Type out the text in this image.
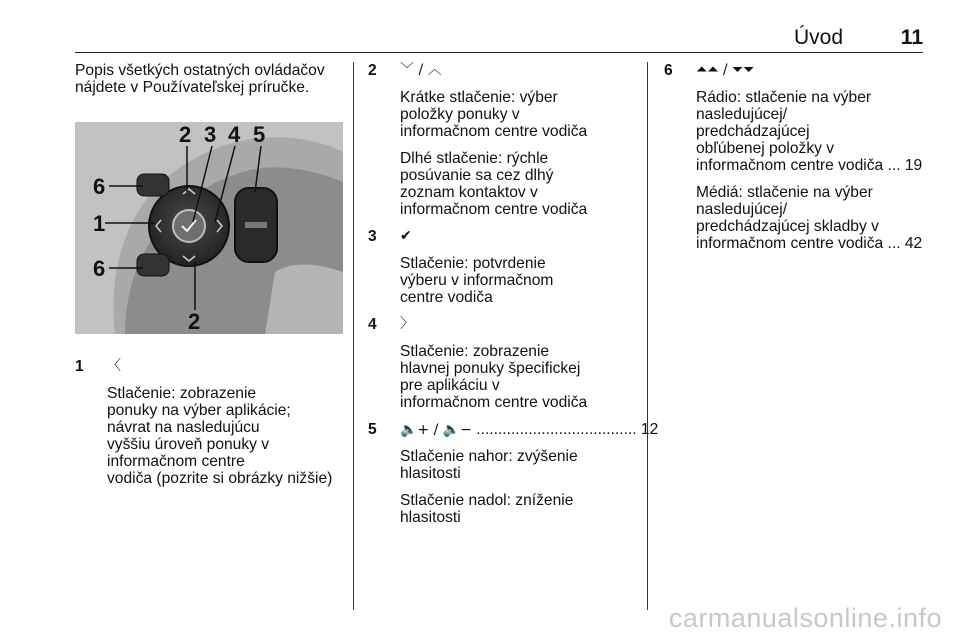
Úvod	11

Popis všetkých ostatných ovládačov

nájdete v Používateľskej príručke.

2 3 4 5
6
1
6
2
1 〈

Stlačenie: zobrazenie

ponuky na výber aplikácie;

návrat na nasledujúcu

vyššiu úroveň ponuky v

informačnom centre

vodiča (pozrite si obrázky nižšie)

2 ﹀ / ︿

Krátke stlačenie: výber

položky ponuky v

informačnom centre vodiča

Dlhé stlačenie: rýchle

posúvanie sa cez dlhý

zoznam kontaktov v

informačnom centre vodiča

3 ✔

Stlačenie: potvrdenie

výberu v informačnom

centre vodiča

4 〉

Stlačenie: zobrazenie

hlavnej ponuky špecifickej

pre aplikáciu v

informačnom centre vodiča

5 🔈+ / 🔈− ..................................... 12

Stlačenie nahor: zvýšenie

hlasitosti

Stlačenie nadol: zníženie

hlasitosti

6 ⏶⏶ / ⏷⏷

Rádio: stlačenie na výber

nasledujúcej/

predchádzajúcej

obľúbenej položky v

informačnom centre vodiča ... 19

Médiá: stlačenie na výber

nasledujúcej/

predchádzajúcej skladby v

informačnom centre vodiča ... 42

carmanualsonline.info
